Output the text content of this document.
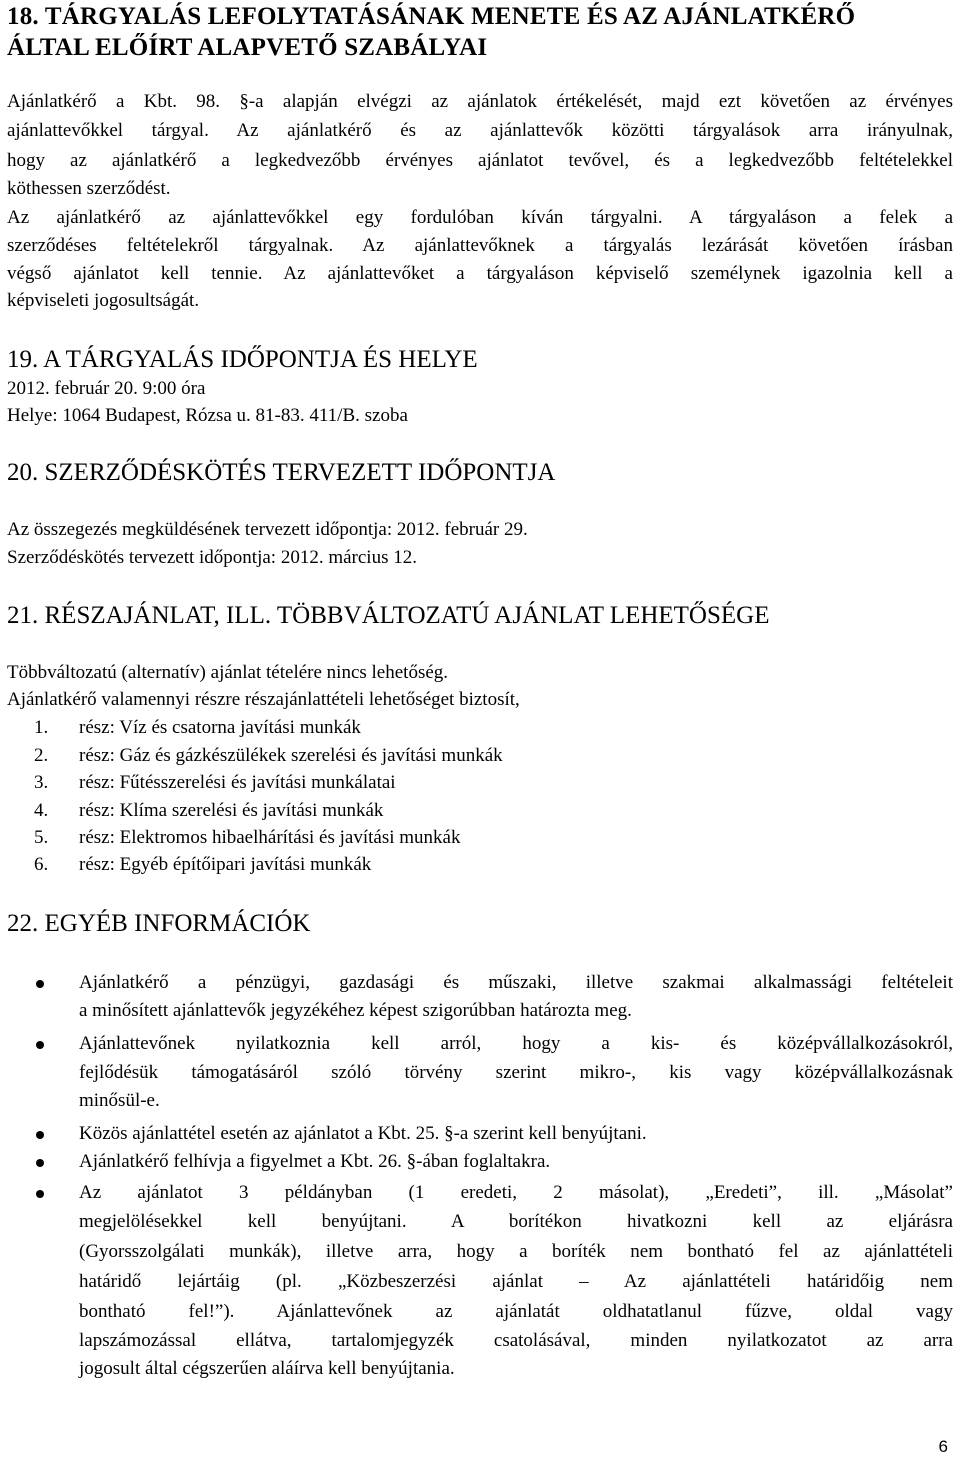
18. TÁRGYALÁS LEFOLYTATÁSÁNAK MENETE ÉS AZ AJÁNLATKÉRŐ
ÁLTAL ELŐÍRT ALAPVETŐ SZABÁLYAI
Ajánlatkérő a Kbt. 98. §-a alapján elvégzi az ajánlatok értékelését, majd ezt követően az érvényes
ajánlattevőkkel tárgyal. Az ajánlatkérő és az ajánlattevők közötti tárgyalások arra irányulnak,
hogy az ajánlatkérő a legkedvezőbb érvényes ajánlatot tevővel, és a legkedvezőbb feltételekkel
köthessen szerződést.
Az ajánlatkérő az ajánlattevőkkel egy fordulóban kíván tárgyalni. A tárgyaláson a felek a
szerződéses feltételekről tárgyalnak. Az ajánlattevőknek a tárgyalás lezárását követően írásban
végső ajánlatot kell tennie. Az ajánlattevőket a tárgyaláson képviselő személynek igazolnia kell a
képviseleti jogosultságát.
19. A TÁRGYALÁS IDŐPONTJA ÉS HELYE
2012. február 20. 9:00 óra
Helye: 1064 Budapest, Rózsa u. 81-83. 411/B. szoba
20. SZERZŐDÉSKÖTÉS TERVEZETT IDŐPONTJA
Az összegezés megküldésének tervezett időpontja: 2012. február 29.
Szerződéskötés tervezett időpontja: 2012. március 12.
21. RÉSZAJÁNLAT, ILL. TÖBBVÁLTOZATÚ AJÁNLAT LEHETŐSÉGE
Többváltozatú (alternatív) ajánlat tételére nincs lehetőség.
Ajánlatkérő valamennyi részre részajánlattételi lehetőséget biztosít,
1. rész: Víz és csatorna javítási munkák
2. rész: Gáz és gázkészülékek szerelési és javítási munkák
3. rész: Fűtésszerelési és javítási munkálatai
4. rész: Klíma szerelési és javítási munkák
5. rész: Elektromos hibaelhárítási és javítási munkák
6. rész: Egyéb építőipari javítási munkák
22. EGYÉB INFORMÁCIÓK
Ajánlatkérő a pénzügyi, gazdasági és műszaki, illetve szakmai alkalmassági feltételeit
a minősített ajánlattevők jegyzékéhez képest szigorúbban határozta meg.
Ajánlattevőnek nyilatkoznia kell arról, hogy a kis- és középvállalkozásokról,
fejlődésük támogatásáról szóló törvény szerint mikro-, kis vagy középvállalkozásnak
minősül-e.
Közös ajánlattétel esetén az ajánlatot a Kbt. 25. §-a szerint kell benyújtani.
Ajánlatkérő felhívja a figyelmet a Kbt. 26. §-ában foglaltakra.
Az ajánlatot 3 példányban (1 eredeti, 2 másolat), „Eredeti”, ill. „Másolat”
megjelölésekkel kell benyújtani. A borítékon hivatkozni kell az eljárásra
(Gyorsszolgálati munkák), illetve arra, hogy a boríték nem bontható fel az ajánlattételi
határidő lejártáig (pl. „Közbeszerzési ajánlat – Az ajánlattételi határidőig nem
bontható fel!”). Ajánlattevőnek az ajánlatát oldhatatlanul fűzve, oldal vagy
lapszámozással ellátva, tartalomjegyzék csatolásával, minden nyilatkozatot az arra
jogosult által cégszerűen aláírva kell benyújtania.
6
